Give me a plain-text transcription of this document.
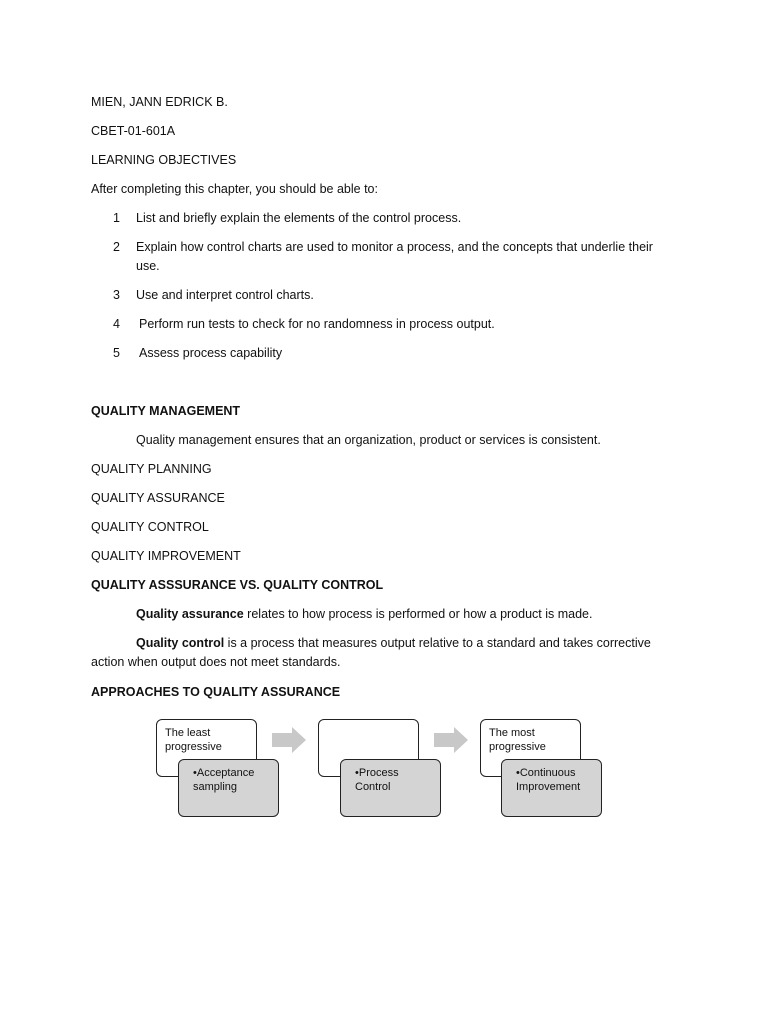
MIEN, JANN EDRICK B.
CBET-01-601A
LEARNING OBJECTIVES
After completing this chapter, you should be able to:
1 List and briefly explain the elements of the control process.
2 Explain how control charts are used to monitor a process, and the concepts that underlie their use.
3 Use and interpret control charts.
4 Perform run tests to check for no randomness in process output.
5 Assess process capability
QUALITY MANAGEMENT
Quality management ensures that an organization, product or services is consistent.
QUALITY PLANNING
QUALITY ASSURANCE
QUALITY CONTROL
QUALITY IMPROVEMENT
QUALITY ASSSURANCE VS. QUALITY CONTROL
Quality assurance relates to how process is performed or how a product is made.
Quality control is a process that measures output relative to a standard and takes corrective action when output does not meet standards.
APPROACHES TO QUALITY ASSURANCE
The least progressive
•Acceptance sampling
•Process Control
The most progressive
•Continuous Improvement
